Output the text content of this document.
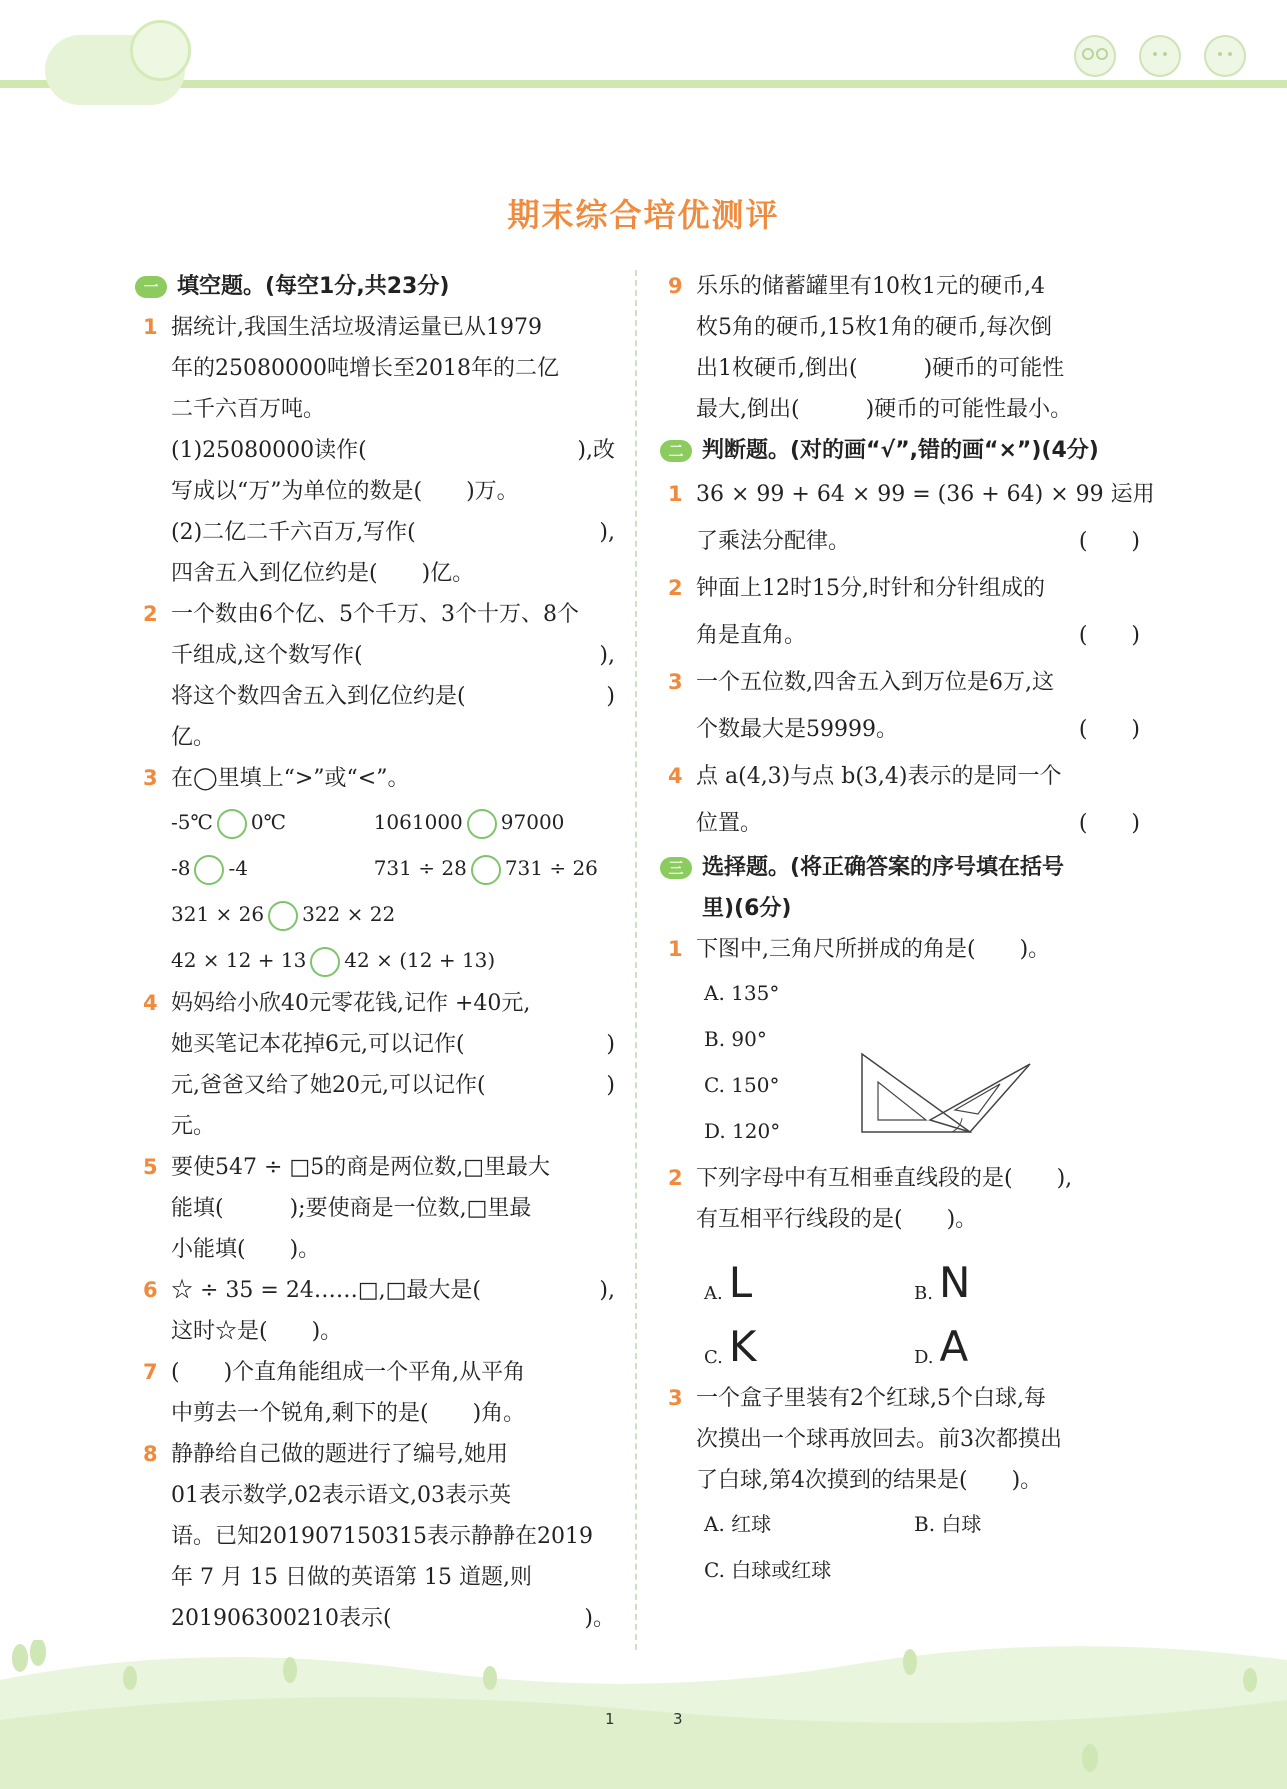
期末综合培优测评
一 填空题。(每空1分,共23分)
1 据统计,我国生活垃圾清运量已从1979
年的25080000吨增长至2018年的二亿
二千六百万吨。
(1)25080000读作(	),改
写成以“万”为单位的数是(　　)万。
(2)二亿二千六百万,写作(	),
四舍五入到亿位约是(　　)亿。
2 一个数由6个亿、5个千万、3个十万、8个
千组成,这个数写作(	),
将这个数四舍五入到亿位约是(	)
亿。
3 在◯里填上“>”或“<”。
-5℃ 0℃	1061000 97000
-8 -4	731 ÷ 28 731 ÷ 26
321 × 26 322 × 22
42 × 12 + 13 42 × (12 + 13)
4 妈妈给小欣40元零花钱,记作 +40元,
她买笔记本花掉6元,可以记作(	)
元,爸爸又给了她20元,可以记作(	)
元。
5 要使547 ÷ □5的商是两位数,□里最大
能填(　　　);要使商是一位数,□里最
小能填(　　)。
6 ☆ ÷ 35 = 24……□,□最大是(	),
这时☆是(　　)。
7 (　　)个直角能组成一个平角,从平角
中剪去一个锐角,剩下的是(　　)角。
8 静静给自己做的题进行了编号,她用
01表示数学,02表示语文,03表示英
语。已知201907150315表示静静在2019
年 7 月 15 日做的英语第 15 道题,则
201906300210表示(	)。
9 乐乐的储蓄罐里有10枚1元的硬币,4
枚5角的硬币,15枚1角的硬币,每次倒
出1枚硬币,倒出(　　　)硬币的可能性
最大,倒出(　　　)硬币的可能性最小。
二 判断题。(对的画“√”,错的画“×”)(4分)
1 36 × 99 + 64 × 99 = (36 + 64) × 99 运用
了乘法分配律。	(　　)
2 钟面上12时15分,时针和分针组成的
角是直角。	(　　)
3 一个五位数,四舍五入到万位是6万,这
个数最大是59999。	(　　)
4 点 a(4,3)与点 b(3,4)表示的是同一个
位置。	(　　)
三 选择题。(将正确答案的序号填在括号
里)(6分)
1 下图中,三角尺所拼成的角是(　　)。
A. 135°
B. 90°
C. 150°
D. 120°
2 下列字母中有互相垂直线段的是(　　),
有互相平行线段的是(　　)。
A. L	B. N
C. K	D. A
3 一个盒子里装有2个红球,5个白球,每
次摸出一个球再放回去。前3次都摸出
了白球,第4次摸到的结果是(　　)。
A. 红球	B. 白球
C. 白球或红球
1	3
